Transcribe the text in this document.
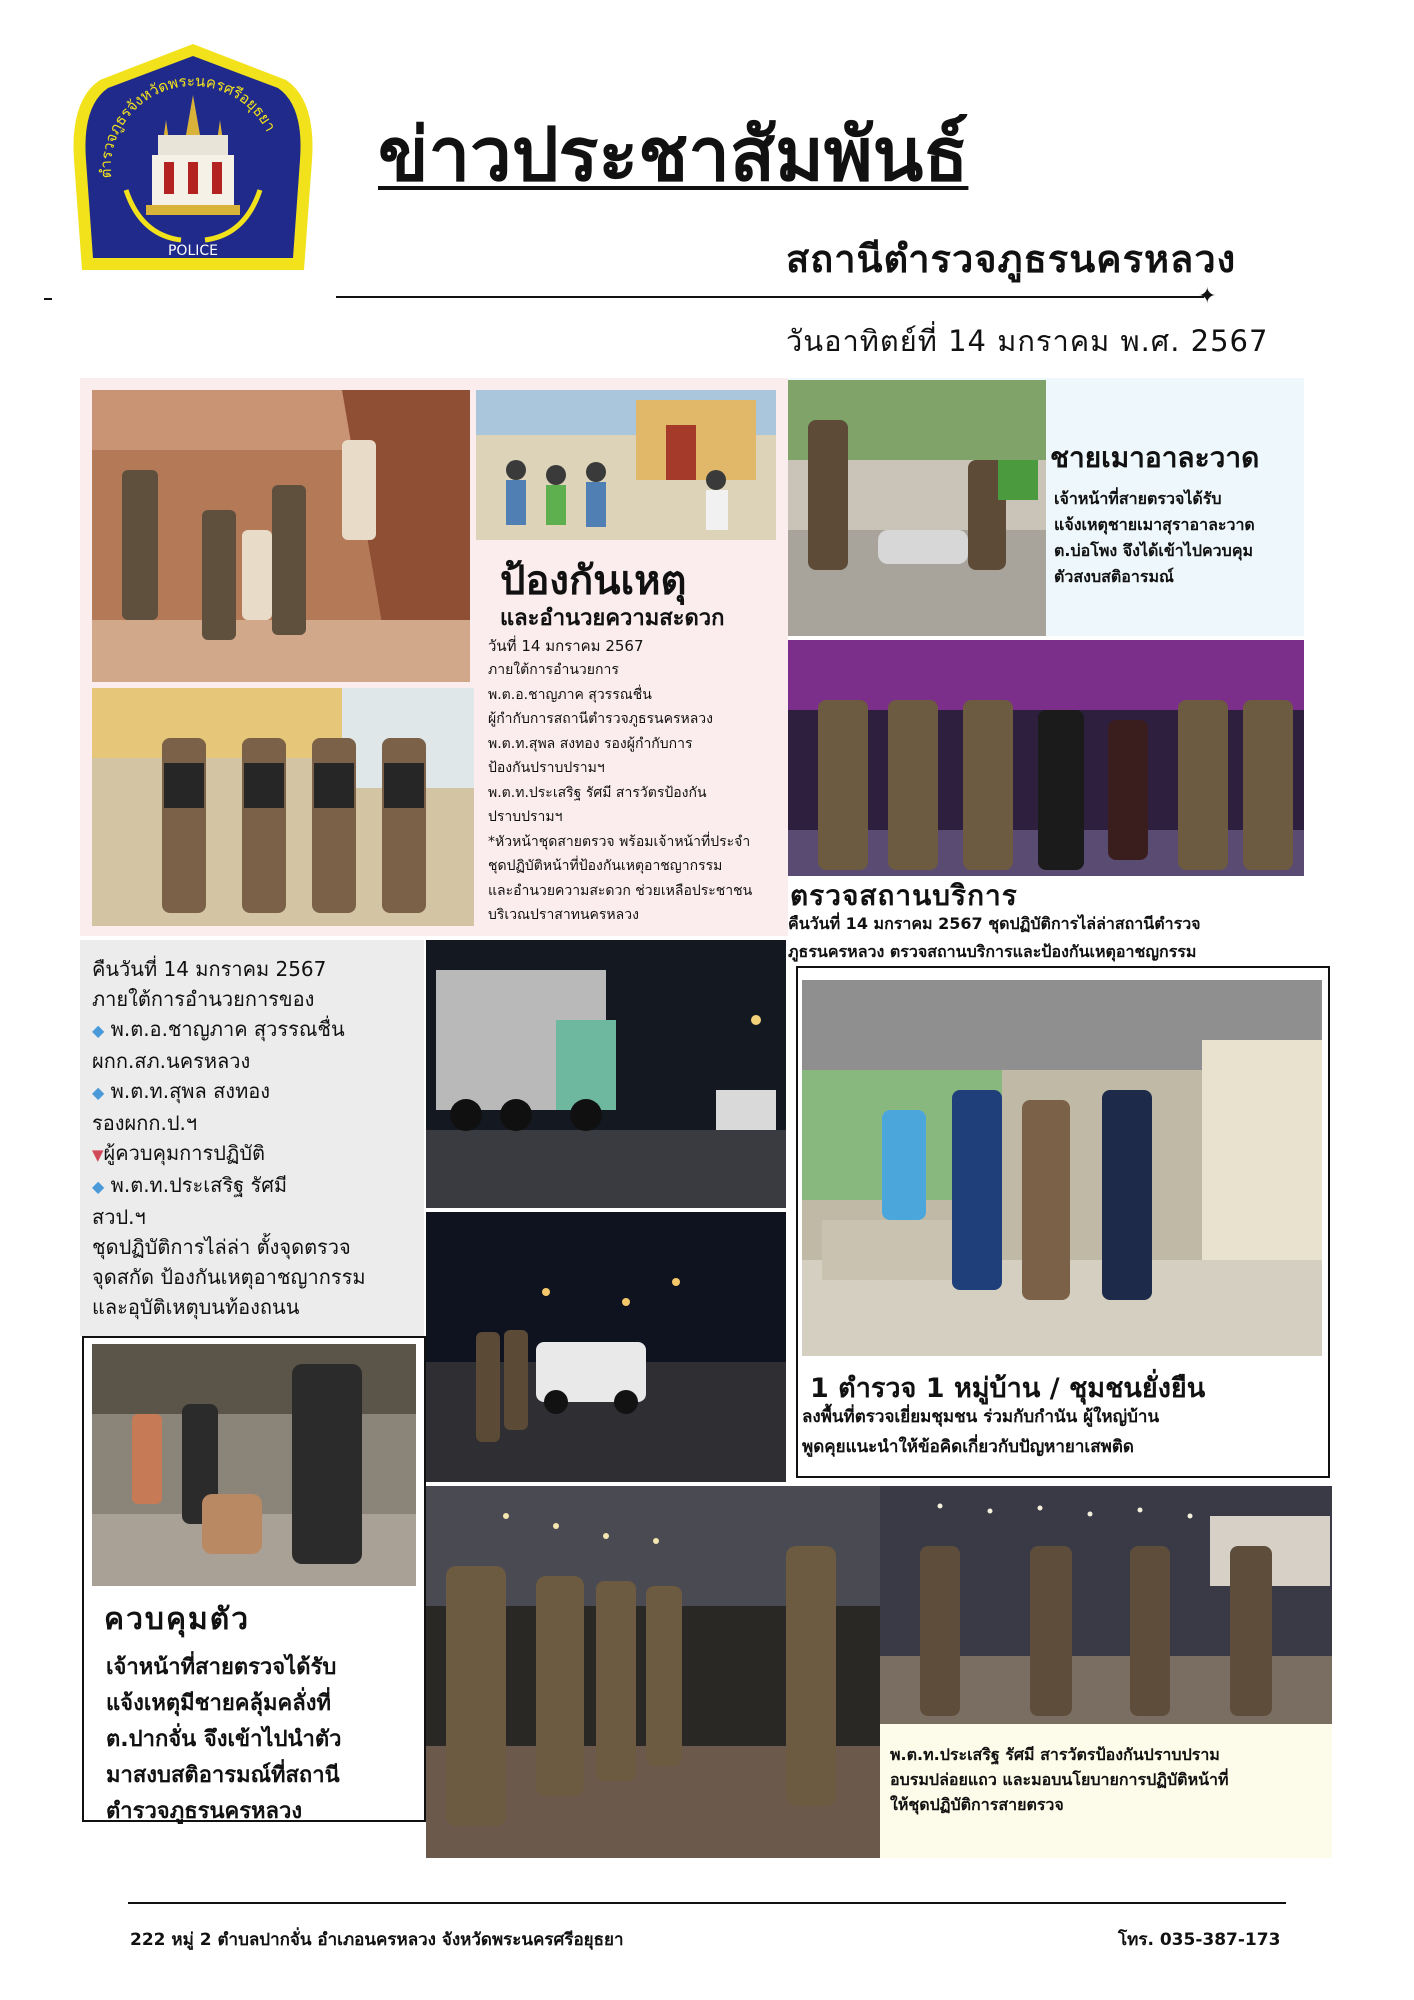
ตำรวจภูธรจังหวัดพระนครศรีอยุธยา
POLICE
ข่าวประชาสัมพันธ์
สถานีตำรวจภูธรนครหลวง
✦
วันอาทิตย์ที่ 14 มกราคม พ.ศ. 2567
ป้องกันเหตุ
และอำนวยความสะดวก
วันที่ 14 มกราคม 2567
ภายใต้การอำนวยการ
พ.ต.อ.ชาญภาค สุวรรณชื่น
ผู้กำกับการสถานีตำรวจภูธรนครหลวง
พ.ต.ท.สุพล สงทอง รองผู้กำกับการ
ป้องกันปราบปรามฯ
พ.ต.ท.ประเสริฐ รัศมี สารวัตรป้องกัน
ปราบปรามฯ
*หัวหน้าชุดสายตรวจ พร้อมเจ้าหน้าที่ประจำ
ชุดปฏิบัติหน้าที่ป้องกันเหตุอาชญากรรม
และอำนวยความสะดวก ช่วยเหลือประชาชน
บริเวณปราสาทนครหลวง
ชายเมาอาละวาด
เจ้าหน้าที่สายตรวจได้รับ
แจ้งเหตุชายเมาสุราอาละวาด
ต.บ่อโพง จึงได้เข้าไปควบคุม
ตัวสงบสติอารมณ์
ตรวจสถานบริการ
คืนวันที่ 14 มกราคม 2567 ชุดปฏิบัติการไล่ล่าสถานีตำรวจ
ภูธรนครหลวง ตรวจสถานบริการและป้องกันเหตุอาชญกรรม
คืนวันที่ 14 มกราคม 2567
ภายใต้การอำนวยการของ
◆ พ.ต.อ.ชาญภาค สุวรรณชื่น
ผกก.สภ.นครหลวง
◆ พ.ต.ท.สุพล สงทอง
รองผกก.ป.ฯ
▼ผู้ควบคุมการปฏิบัติ
◆ พ.ต.ท.ประเสริฐ รัศมี
สวป.ฯ
ชุดปฏิบัติการไล่ล่า ตั้งจุดตรวจ
จุดสกัด ป้องกันเหตุอาชญากรรม
และอุบัติเหตุบนท้องถนน
1 ตำรวจ 1 หมู่บ้าน / ชุมชนยั่งยืน
ลงพื้นที่ตรวจเยี่ยมชุมชน ร่วมกับกำนัน ผู้ใหญ่บ้าน
พูดคุยแนะนำให้ข้อคิดเกี่ยวกับปัญหายาเสพติด
ควบคุมตัว
เจ้าหน้าที่สายตรวจได้รับ
แจ้งเหตุมีชายคลุ้มคลั่งที่
ต.ปากจั่น จึงเข้าไปนำตัว
มาสงบสติอารมณ์ที่สถานี
ตำรวจภูธรนครหลวง
พ.ต.ท.ประเสริฐ รัศมี สารวัตรป้องกันปราบปราม
อบรมปล่อยแถว และมอบนโยบายการปฏิบัติหน้าที่
ให้ชุดปฏิบัติการสายตรวจ
222 หมู่ 2 ตำบลปากจั่น อำเภอนครหลวง จังหวัดพระนครศรีอยุธยา	โทร. 035-387-173
